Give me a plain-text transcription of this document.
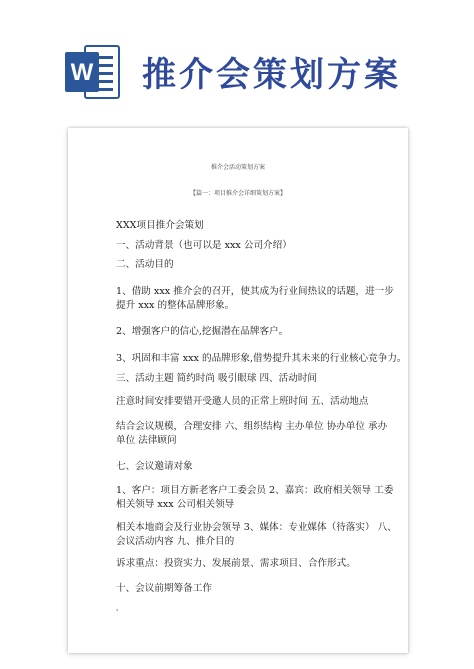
W 推介会策划方案
推介会活动策划方案
【篇一：项目推介会详细策划方案】
XXX项目推介会策划
一、活动背景（也可以是 xxx 公司介绍）
二、活动目的
1、借助 xxx 推介会的召开，使其成为行业间热议的话题，进一步
提升 xxx 的整体品牌形象。
2、增强客户的信心,挖掘潜在品牌客户。
3、巩固和丰富 xxx 的品牌形象,借势提升其未来的行业核心竞争力。
三、活动主题 简约时尚 吸引眼球 四、活动时间
注意时间安排要错开受邀人员的正常上班时间 五、活动地点
结合会议规模，合理安排 六、组织结构 主办单位 协办单位 承办
单位 法律顾问
七、会议邀请对象
1、客户：项目方新老客户工委会员 2、嘉宾：政府相关领导 工委
相关领导 xxx 公司相关领导
相关本地商会及行业协会领导 3、媒体：专业媒体（待落实） 八、
会议活动内容 九、推介目的
诉求重点：投资实力、发展前景、需求项目、合作形式。
十、会议前期筹备工作
'
